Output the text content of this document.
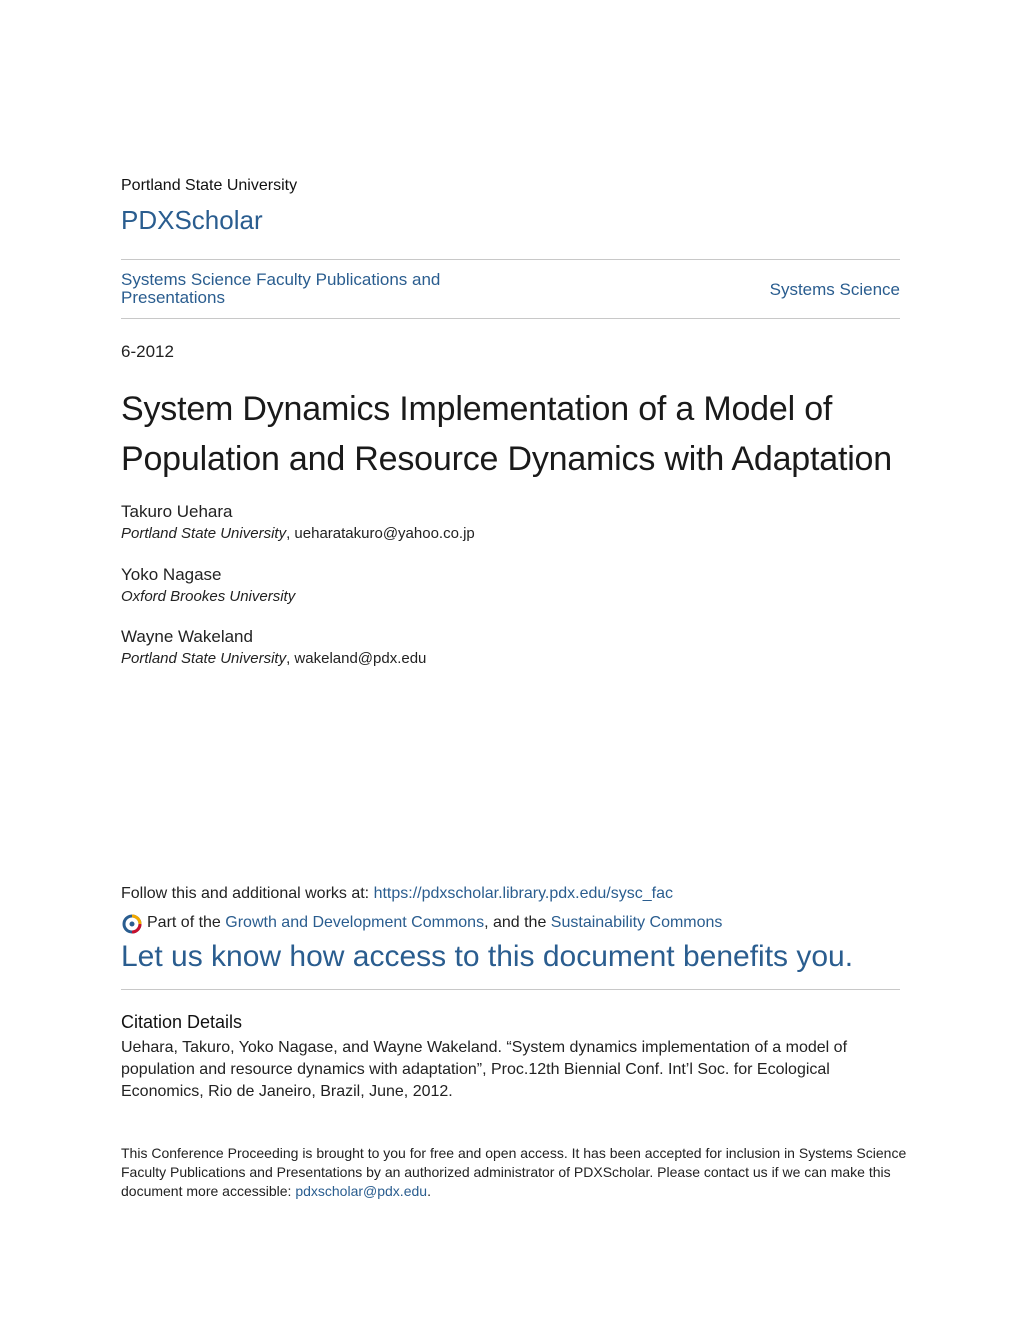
Portland State University
PDXScholar
Systems Science Faculty Publications and Presentations	Systems Science
6-2012
System Dynamics Implementation of a Model of Population and Resource Dynamics with Adaptation
Takuro Uehara
Portland State University, ueharatakuro@yahoo.co.jp
Yoko Nagase
Oxford Brookes University
Wayne Wakeland
Portland State University, wakeland@pdx.edu
Follow this and additional works at: https://pdxscholar.library.pdx.edu/sysc_fac
Part of the
Growth and Development Commons , and the
Sustainability Commons
Let us know how access to this document benefits you.
Citation Details
Uehara, Takuro, Yoko Nagase, and Wayne Wakeland. “System dynamics implementation of a model of population and resource dynamics with adaptation”, Proc.12th Biennial Conf. Int’l Soc. for Ecological Economics, Rio de Janeiro, Brazil, June, 2012.
This Conference Proceeding is brought to you for free and open access. It has been accepted for inclusion in Systems Science Faculty Publications and Presentations by an authorized administrator of PDXScholar. Please contact us if we can make this document more accessible: pdxscholar@pdx.edu.
